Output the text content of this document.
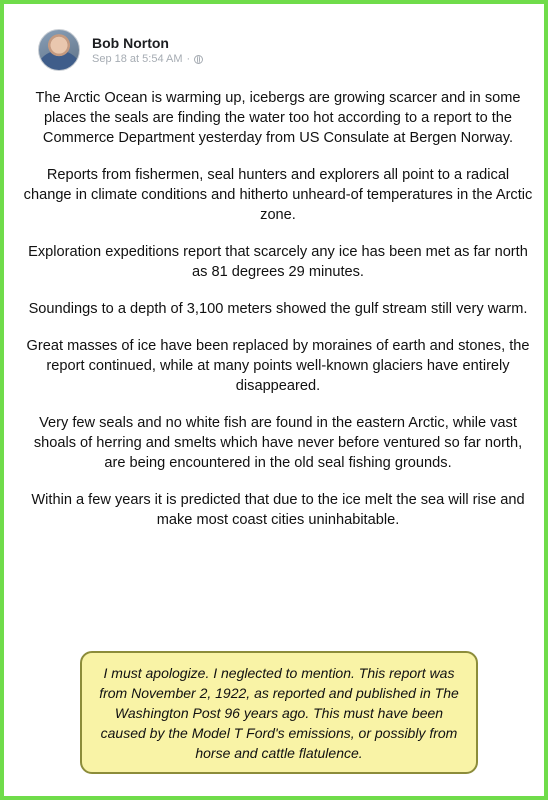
Bob Norton
Sep 18 at 5:54 AM ·

The Arctic Ocean is warming up, icebergs are growing scarcer and in some places the seals are finding the water too hot according to a report to the Commerce Department yesterday from US Consulate at Bergen Norway.

Reports from fishermen, seal hunters and explorers all point to a radical change in climate conditions and hitherto unheard-of temperatures in the Arctic zone.

Exploration expeditions report that scarcely any ice has been met as far north as 81 degrees 29 minutes.

Soundings to a depth of 3,100 meters showed the gulf stream still very warm.

Great masses of ice have been replaced by moraines of earth and stones, the report continued, while at many points well-known glaciers have entirely disappeared.

Very few seals and no white fish are found in the eastern Arctic, while vast shoals of herring and smelts which have never before ventured so far north, are being encountered in the old seal fishing grounds.

Within a few years it is predicted that due to the ice melt the sea will rise and make most coast cities uninhabitable.

I must apologize. I neglected to mention. This report was from November 2, 1922, as reported and published in The Washington Post 96 years ago. This must have been caused by the Model T Ford's emissions, or possibly from horse and cattle flatulence.
